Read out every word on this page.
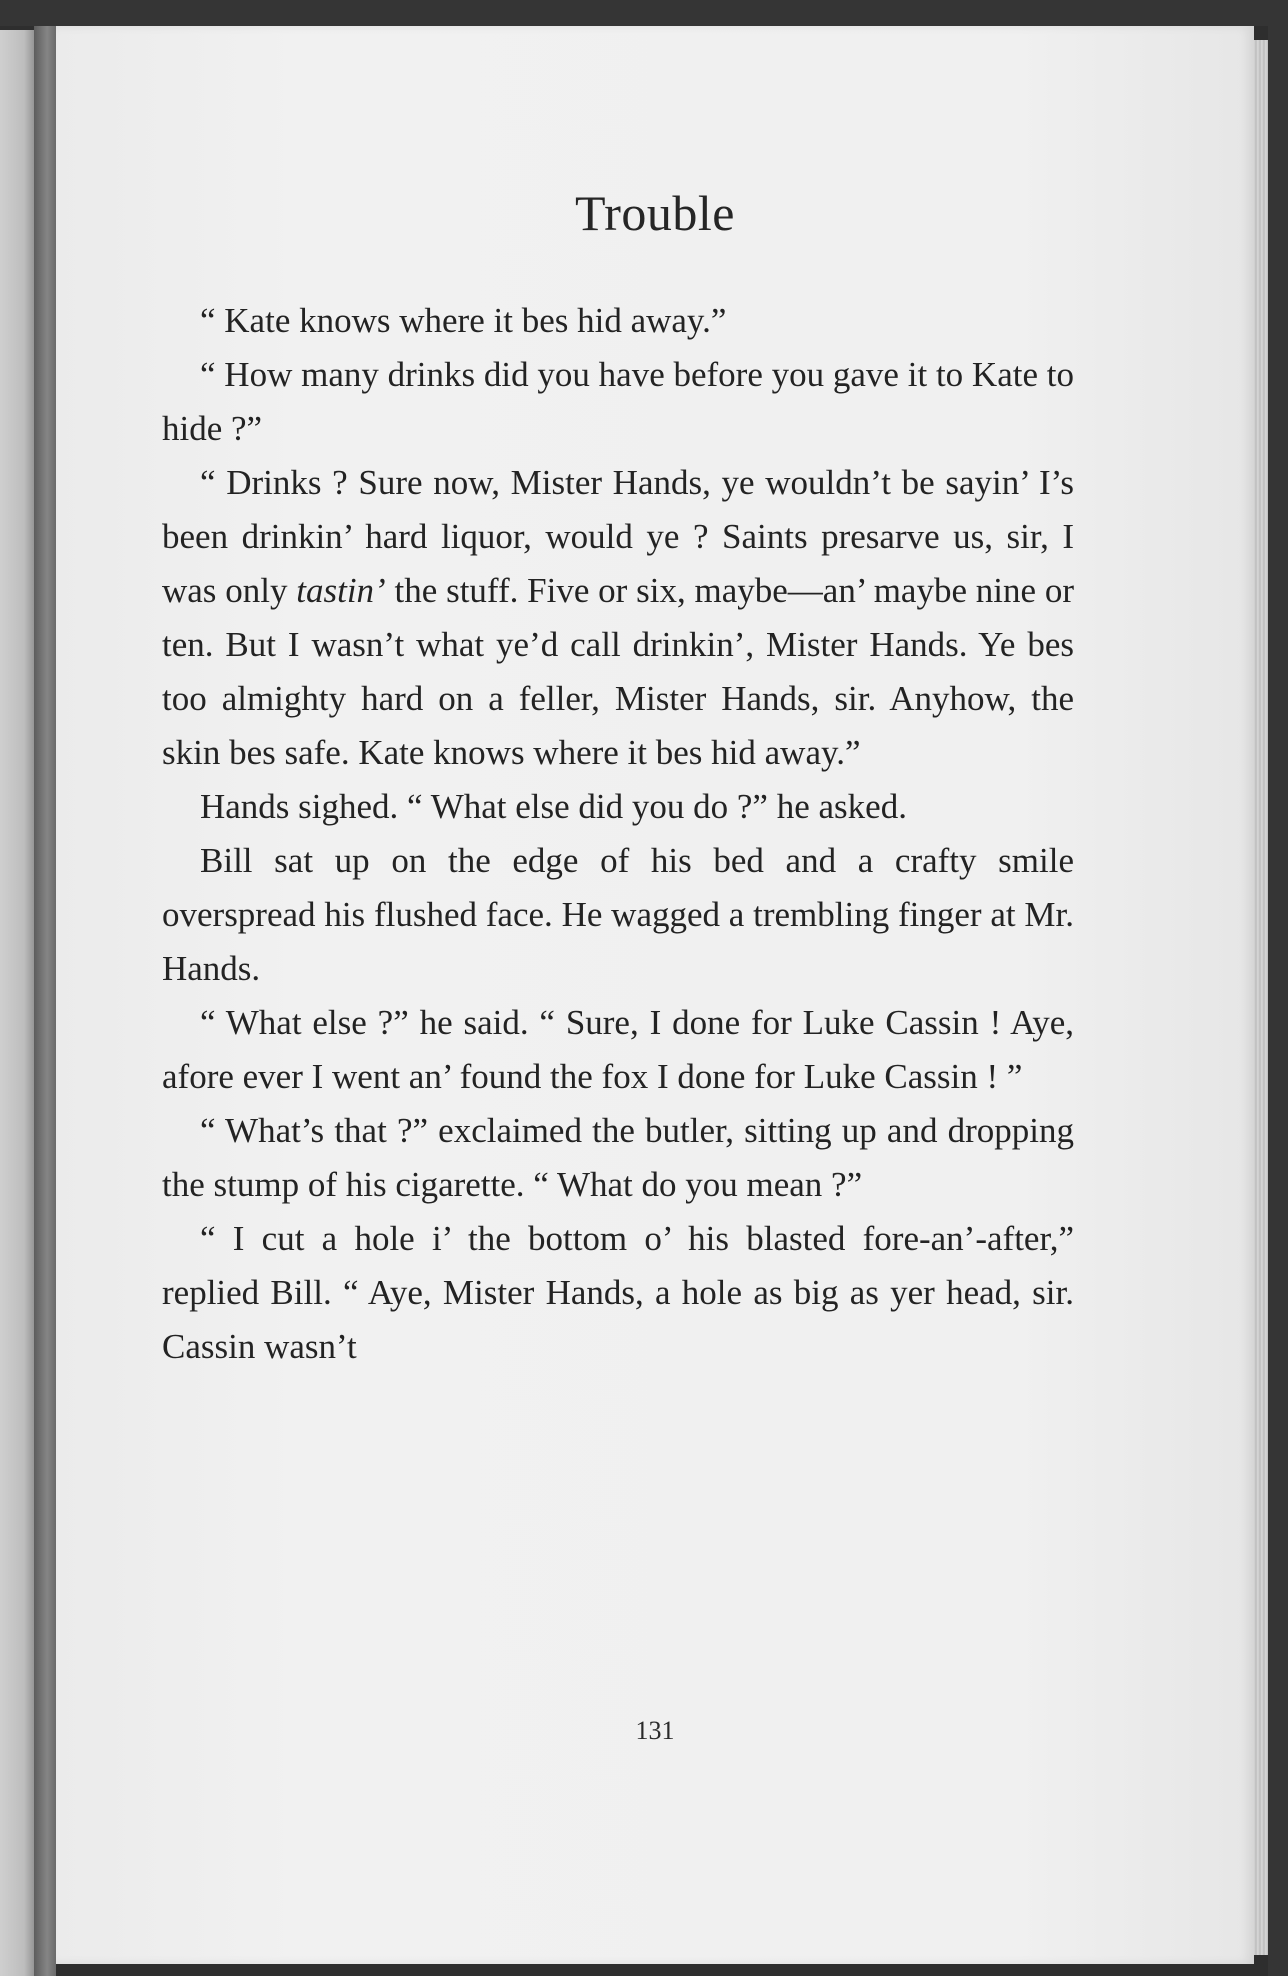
Trouble

“ Kate knows where it bes hid away.”

“ How many drinks did you have before you gave it to Kate to hide ?”

“ Drinks ? Sure now, Mister Hands, ye wouldn’t be sayin’ I’s been drinkin’ hard liquor, would ye ? Saints presarve us, sir, I was only tastin’ the stuff. Five or six, maybe—an’ maybe nine or ten. But I wasn’t what ye’d call drinkin’, Mister Hands. Ye bes too almighty hard on a feller, Mister Hands, sir. Anyhow, the skin bes safe. Kate knows where it bes hid away.”

Hands sighed. “ What else did you do ?” he asked.

Bill sat up on the edge of his bed and a crafty smile overspread his flushed face. He wagged a trembling finger at Mr. Hands.

“ What else ?” he said. “ Sure, I done for Luke Cassin ! Aye, afore ever I went an’ found the fox I done for Luke Cassin ! ”

“ What’s that ?” exclaimed the butler, sitting up and dropping the stump of his cigarette. “ What do you mean ?”

“ I cut a hole i’ the bottom o’ his blasted fore-an’-after,” replied Bill. “ Aye, Mister Hands, a hole as big as yer head, sir. Cassin wasn’t

131
